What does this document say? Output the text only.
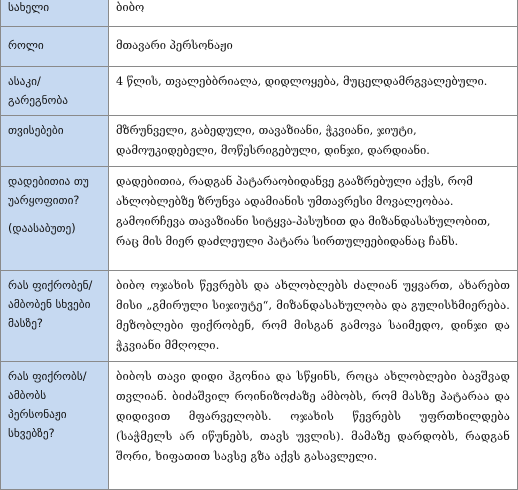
სახელი	ბიბო
როლი	მთავარი პერსონაჟი
ასაკი/ გარეგნობა	4 წლის, თვალებბრიალა, დიდლოყება, მუცელდამრგვალებული.
თვისებები	მზრუნველი, გაბედული, თავაზიანი, ჭკვიანი, ჯიუტი, დამოუკიდებელი, მოწესრიგებული, დინჯი, დარდიანი.
დადებითია თუ უარყოფითი?
(დაასაბუთე)	დადებითია, რადგან პატარაობიდანვე გააზრებული აქვს, რომ ახლობლებზე ზრუნვა ადამიანის უმთავრესი მოვალეობაა. გამოირჩევა თავაზიანი სიტყვა-პასუხით და მიზანდასახულობით, რაც მის მიერ დაძლეული პატარა სირთულეებიდანაც ჩანს.
რას ფიქრობენ/ ამბობენ სხვები მასზე?	ბიბო ოჯახის წევრებს და ახლობლებს ძალიან უყვართ, ახარებთ მისი „გმირული სიჯიუტე“, მიზანდასახულობა და გულისხმიერება. მეზობლები ფიქრობენ, რომ მისგან გამოვა საიმედო, დინჯი და ჭკვიანი მმღოლი.
რას ფიქრობს/ ამბობს პერსონაჟი სხვებზე?	ბიბოს თავი დიდი ჰგონია და სწყინს, როცა ახლობლები ბავშვად თვლიან. ბიძაშვილ როინიზოძაზე ამბობს, რომ მასზე პატარაა და დიდივით მფარველობს. ოჯახის წევრებს უფრთხილდება (საჭმელს არ იწუნებს, თავს უვლის). მამაზე დარდობს, რადგან შორი, ხიფათით სავსე გზა აქვს გასავლელი.
